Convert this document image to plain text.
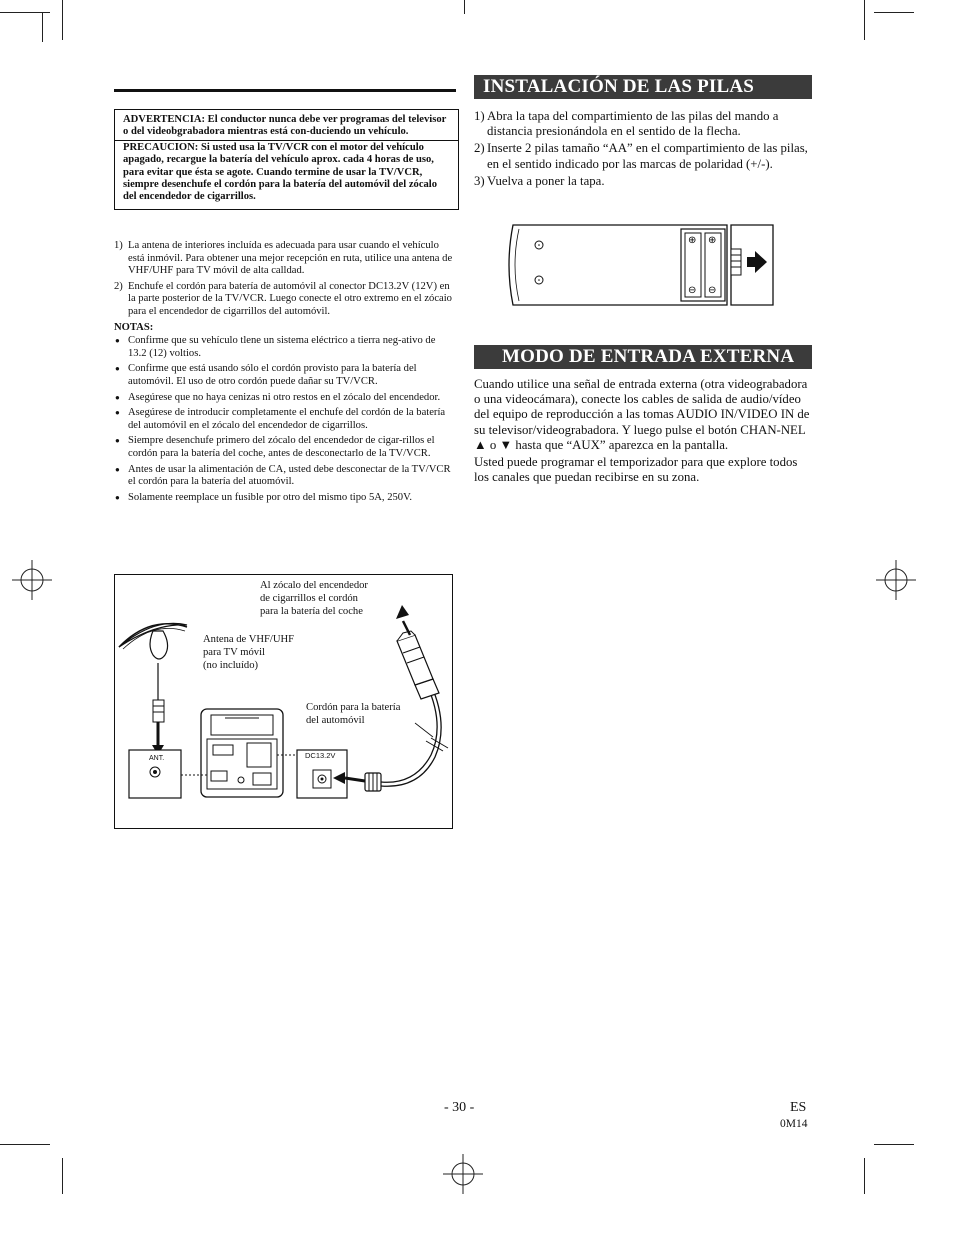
ADVERTENCIA: El conductor nunca debe ver programas del televisor o del videobgrabadora mientras está con-duciendo un vehículo.

PRECAUCION: Si usted usa la TV/VCR con el motor del vehículo apagado, recargue la batería del vehículo aprox. cada 4 horas de uso, para evitar que ésta se agote. Cuando termine de usar la TV/VCR, siempre desenchufe el cordón para la batería del automóvil del zócalo del encendedor de cigarrillos.

1) La antena de interiores incluída es adecuada para usar cuando el vehículo está inmóvil. Para obtener una mejor recepción en ruta, utilice una antena de VHF/UHF para TV móvil de alta calldad.
2) Enchufe el cordón para batería de automóvil al conector DC13.2V (12V) en la parte posterior de la TV/VCR. Luego conecte el otro extremo en el zócaio para el encendedor de cigarrillos del automóvil.
NOTAS:
● Confirme que su vehículo tlene un sistema eléctrico a tierra neg-ativo de 13.2 (12) voltios.
● Confirme que está usando sólo el cordón provisto para la batería del automóvil. El uso de otro cordón puede dañar su TV/VCR.
● Asegúrese que no haya cenizas ni otro restos en el zócalo del encendedor.
● Asegúrese de introducir completamente el enchufe del cordón de la batería del automóvil en el zócalo del encendedor de cigarrillos.
● Siempre desenchufe primero del zócalo del encendedor de cigar-rillos el cordón para la batería del coche, antes de desconectarlo de la TV/VCR.
● Antes de usar la alimentación de CA, usted debe desconectar de la TV/VCR el cordón para la batería del atuomóvil.
● Solamente reemplace un fusible por otro del mismo tipo 5A, 250V.
Al zócalo del encendedor
de cigarrillos el cordón
para la batería del coche
Antena de VHF/UHF
para TV móvil
(no incluído)
Cordón para la batería
del automóvil
ANT.	DC13.2V
INSTALACIÓN DE LAS PILAS
1) Abra la tapa del compartimiento de las pilas del mando a distancia presionándola en el sentido de la flecha.
2) Inserte 2 pilas tamaño “AA” en el compartimiento de las pilas, en el sentido indicado por las marcas de polaridad (+/-).
3) Vuelva a poner la tapa.
⊕ ⊕
⊖ ⊖
MODO DE ENTRADA EXTERNA

Cuando utilice una señal de entrada externa (otra videograbadora o una videocámara), conecte los cables de salida de audio/vídeo del equipo de reproducción a las tomas AUDIO IN/VIDEO IN de su televisor/videograbadora. Y luego pulse el botón CHAN-NEL ▲ o ▼ hasta que “AUX” aparezca en la pantalla.

Usted puede programar el temporizador para que explore todos los canales que puedan recibirse en su zona.

- 30 -	ES
0M14
